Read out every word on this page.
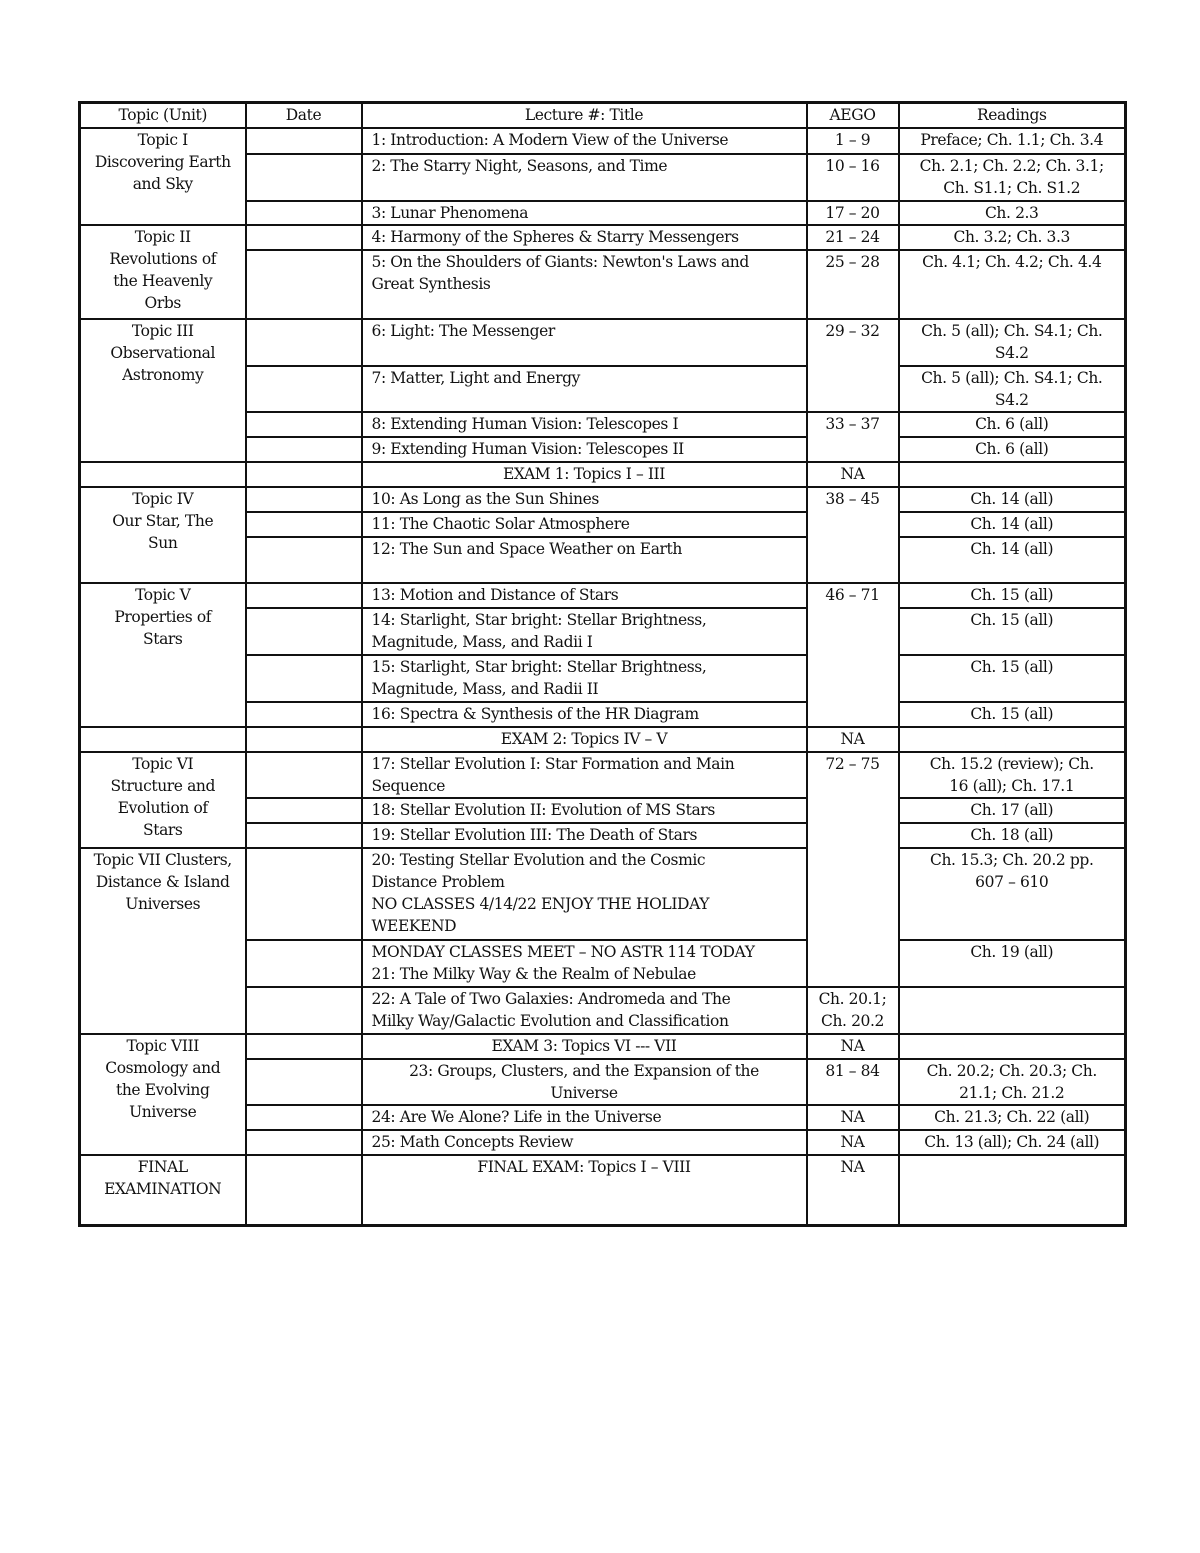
Topic (Unit)	Date	Lecture #: Title	AEGO	Readings

Topic I
Discovering Earth
and Sky		1: Introduction: A Modern View of the Universe	1 – 9	Preface; Ch. 1.1; Ch. 3.4

		2: The Starry Night, Seasons, and Time	10 – 16	Ch. 2.1; Ch. 2.2; Ch. 3.1;
Ch. S1.1; Ch. S1.2

		3: Lunar Phenomena	17 – 20	Ch. 2.3

Topic II
Revolutions of
the Heavenly
Orbs		4: Harmony of the Spheres & Starry Messengers	21 – 24	Ch. 3.2; Ch. 3.3

		5: On the Shoulders of Giants: Newton's Laws and
Great Synthesis	25 – 28	Ch. 4.1; Ch. 4.2; Ch. 4.4

Topic III
Observational
Astronomy		6: Light: The Messenger	29 – 32	Ch. 5 (all); Ch. S4.1; Ch.
S4.2

		7: Matter, Light and Energy		Ch. 5 (all); Ch. S4.1; Ch.
S4.2

		8: Extending Human Vision: Telescopes I	33 – 37	Ch. 6 (all)

		9: Extending Human Vision: Telescopes II		Ch. 6 (all)

		EXAM 1: Topics I – III	NA	

Topic IV
Our Star, The
Sun		10: As Long as the Sun Shines	38 – 45	Ch. 14 (all)

		11: The Chaotic Solar Atmosphere		Ch. 14 (all)

		12: The Sun and Space Weather on Earth		Ch. 14 (all)

Topic V
Properties of
Stars		13: Motion and Distance of Stars	46 – 71	Ch. 15 (all)

		14: Starlight, Star bright: Stellar Brightness,
Magnitude, Mass, and Radii I		Ch. 15 (all)

		15: Starlight, Star bright: Stellar Brightness,
Magnitude, Mass, and Radii II		Ch. 15 (all)

		16: Spectra & Synthesis of the HR Diagram		Ch. 15 (all)

		EXAM 2: Topics IV – V	NA	

Topic VI
Structure and
Evolution of
Stars		17: Stellar Evolution I: Star Formation and Main
Sequence	72 – 75	Ch. 15.2 (review); Ch.
16 (all); Ch. 17.1

		18: Stellar Evolution II: Evolution of MS Stars		Ch. 17 (all)

		19: Stellar Evolution III: The Death of Stars		Ch. 18 (all)

Topic VII Clusters,
Distance & Island
Universes		20: Testing Stellar Evolution and the Cosmic
Distance Problem
NO CLASSES 4/14/22 ENJOY THE HOLIDAY
WEEKEND		Ch. 15.3; Ch. 20.2 pp.
607 – 610

		MONDAY CLASSES MEET – NO ASTR 114 TODAY
21: The Milky Way & the Realm of Nebulae		Ch. 19 (all)

		22: A Tale of Two Galaxies: Andromeda and The
Milky Way/Galactic Evolution and Classification	Ch. 20.1; Ch. 20.2	

Topic VIII
Cosmology and
the Evolving
Universe		EXAM 3: Topics VI --- VII	NA	

		23: Groups, Clusters, and the Expansion of the
Universe	81 – 84	Ch. 20.2; Ch. 20.3; Ch.
21.1; Ch. 21.2

		24: Are We Alone? Life in the Universe	NA	Ch. 21.3; Ch. 22 (all)

		25: Math Concepts Review	NA	Ch. 13 (all); Ch. 24 (all)

FINAL
EXAMINATION		FINAL EXAM: Topics I – VIII	NA	
